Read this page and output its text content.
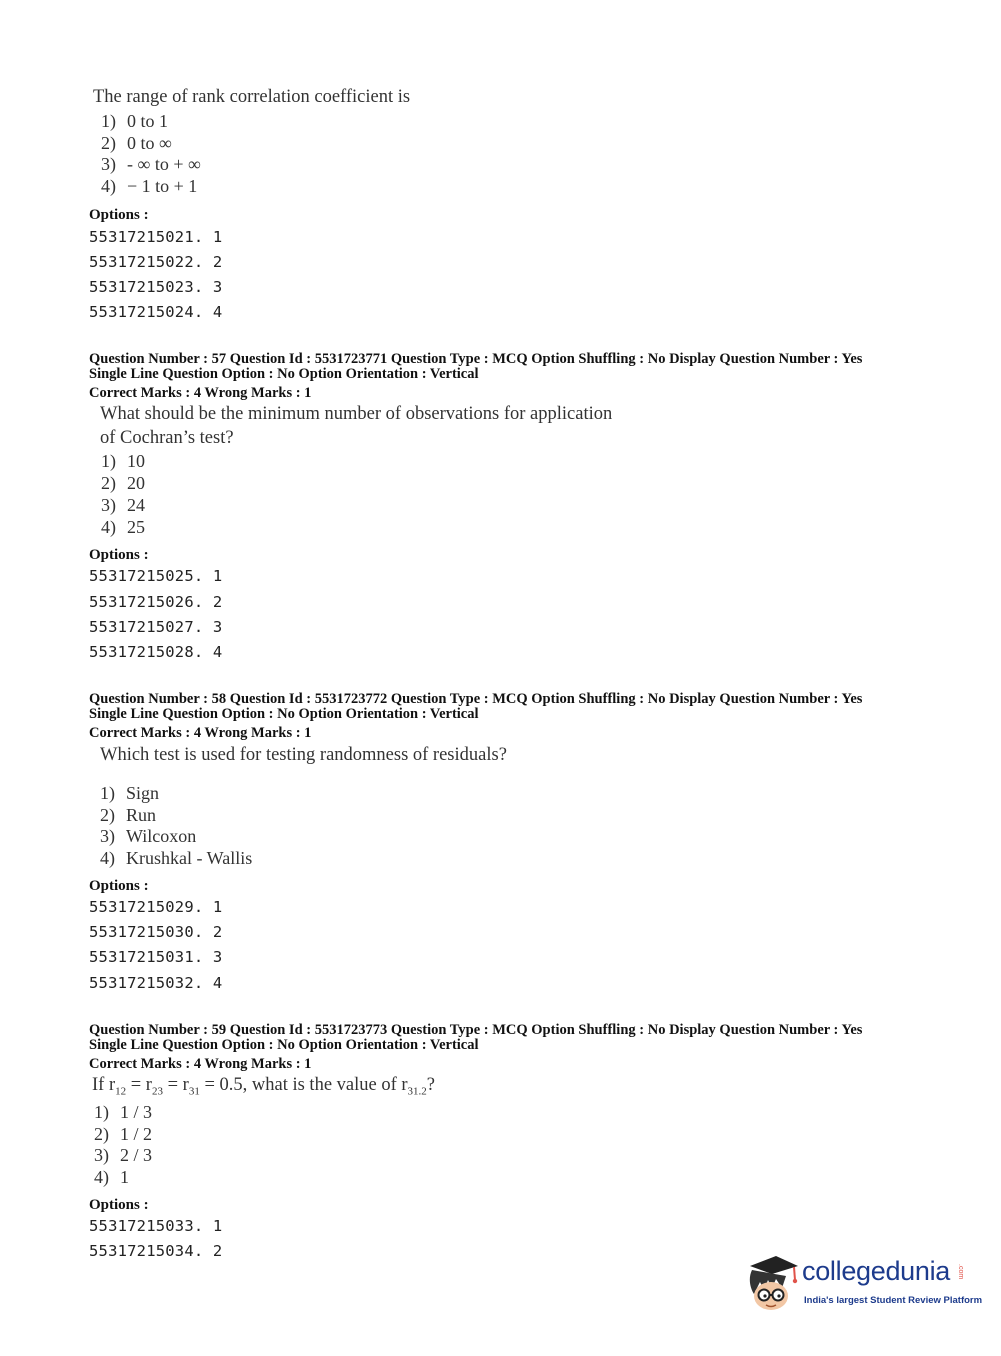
The range of rank correlation coefficient is
1) 0 to 1
2) 0 to ∞
3) - ∞ to + ∞
4) − 1 to + 1
Options :
55317215021. 1
55317215022. 2
55317215023. 3
55317215024. 4
Question Number : 57 Question Id : 5531723771 Question Type : MCQ Option Shuffling : No Display Question Number : Yes
Single Line Question Option : No Option Orientation : Vertical
Correct Marks : 4 Wrong Marks : 1
What should be the minimum number of observations for application
of Cochran’s test?
1) 10
2) 20
3) 24
4) 25
Options :
55317215025. 1
55317215026. 2
55317215027. 3
55317215028. 4
Question Number : 58 Question Id : 5531723772 Question Type : MCQ Option Shuffling : No Display Question Number : Yes
Single Line Question Option : No Option Orientation : Vertical
Correct Marks : 4 Wrong Marks : 1
Which test is used for testing randomness of residuals?
1) Sign
2) Run
3) Wilcoxon
4) Krushkal - Wallis
Options :
55317215029. 1
55317215030. 2
55317215031. 3
55317215032. 4
Question Number : 59 Question Id : 5531723773 Question Type : MCQ Option Shuffling : No Display Question Number : Yes
Single Line Question Option : No Option Orientation : Vertical
Correct Marks : 4 Wrong Marks : 1
If $r_{12} = r_{23} = r_{31} = 0.5$, what is the value of $r_{31.2}$?
1) 1 / 3
2) 1 / 2
3) 2 / 3
4) 1
Options :
55317215033. 1
55317215034. 2
collegedunia .com
India's largest Student Review Platform
